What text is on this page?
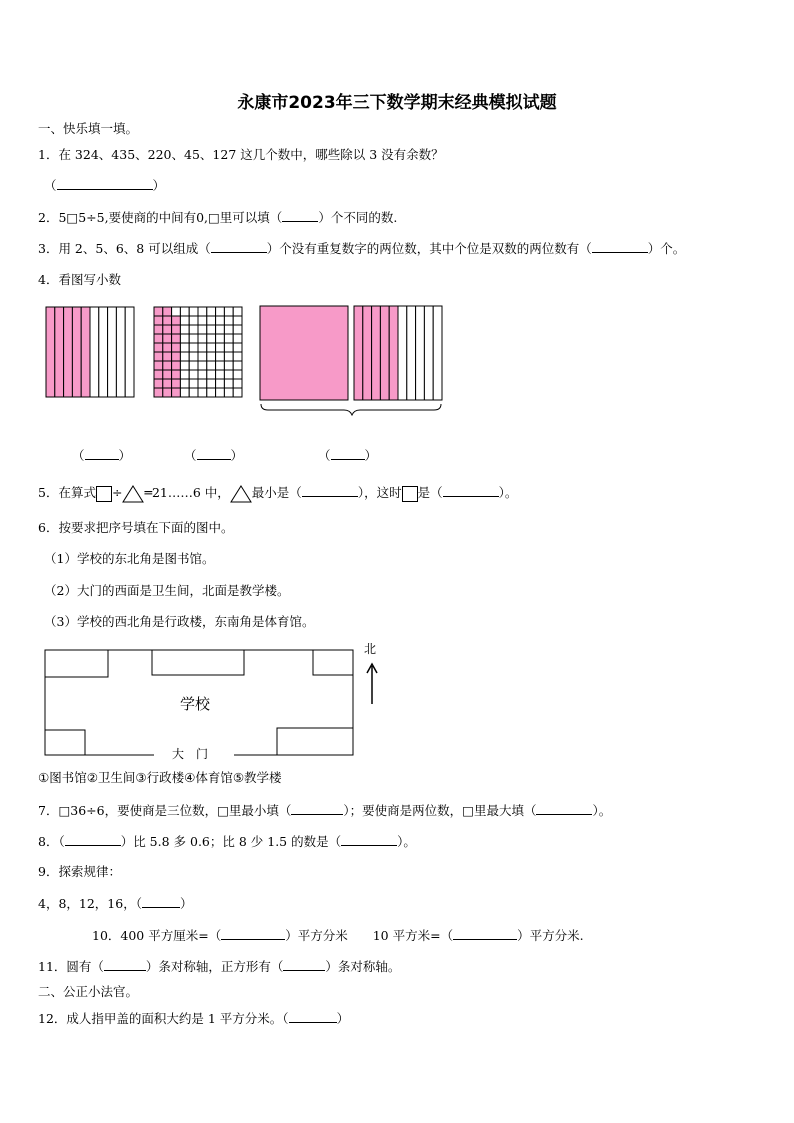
永康市2023年三下数学期末经典模拟试题
一、快乐填一填。
1．在 324、435、220、45、127 这几个数中，哪些除以 3 没有余数？
（	）
2．5□5÷5,要使商的中间有0,□里可以填（	）个不同的数.
3．用 2、5、6、8 可以组成（	）个没有重复数字的两位数，其中个位是双数的两位数有（	）个。
4．看图写小数
（	）	（	）	（	）
5．在算式 ÷ ═21……6 中， 最小是（	），这时 是（	）。
6．按要求把序号填在下面的图中。
（1）学校的东北角是图书馆。
（2）大门的西面是卫生间，北面是教学楼。
（3）学校的西北角是行政楼，东南角是体育馆。
北
学校
大　门
①图书馆②卫生间③行政楼④体育馆⑤教学楼
7．□36÷6，要使商是三位数，□里最小填（	）；要使商是两位数，□里最大填（	）。
8．（	）比 5.8 多 0.6；比 8 少 1.5 的数是（	）。
9．探索规律：
4，8，12，16，（	）
10．400 平方厘米=（	）平方分米　　10 平方米=（	）平方分米.
11．圆有（	）条对称轴，正方形有（	）条对称轴。
二、公正小法官。
12．成人指甲盖的面积大约是 1 平方分米。（	）
